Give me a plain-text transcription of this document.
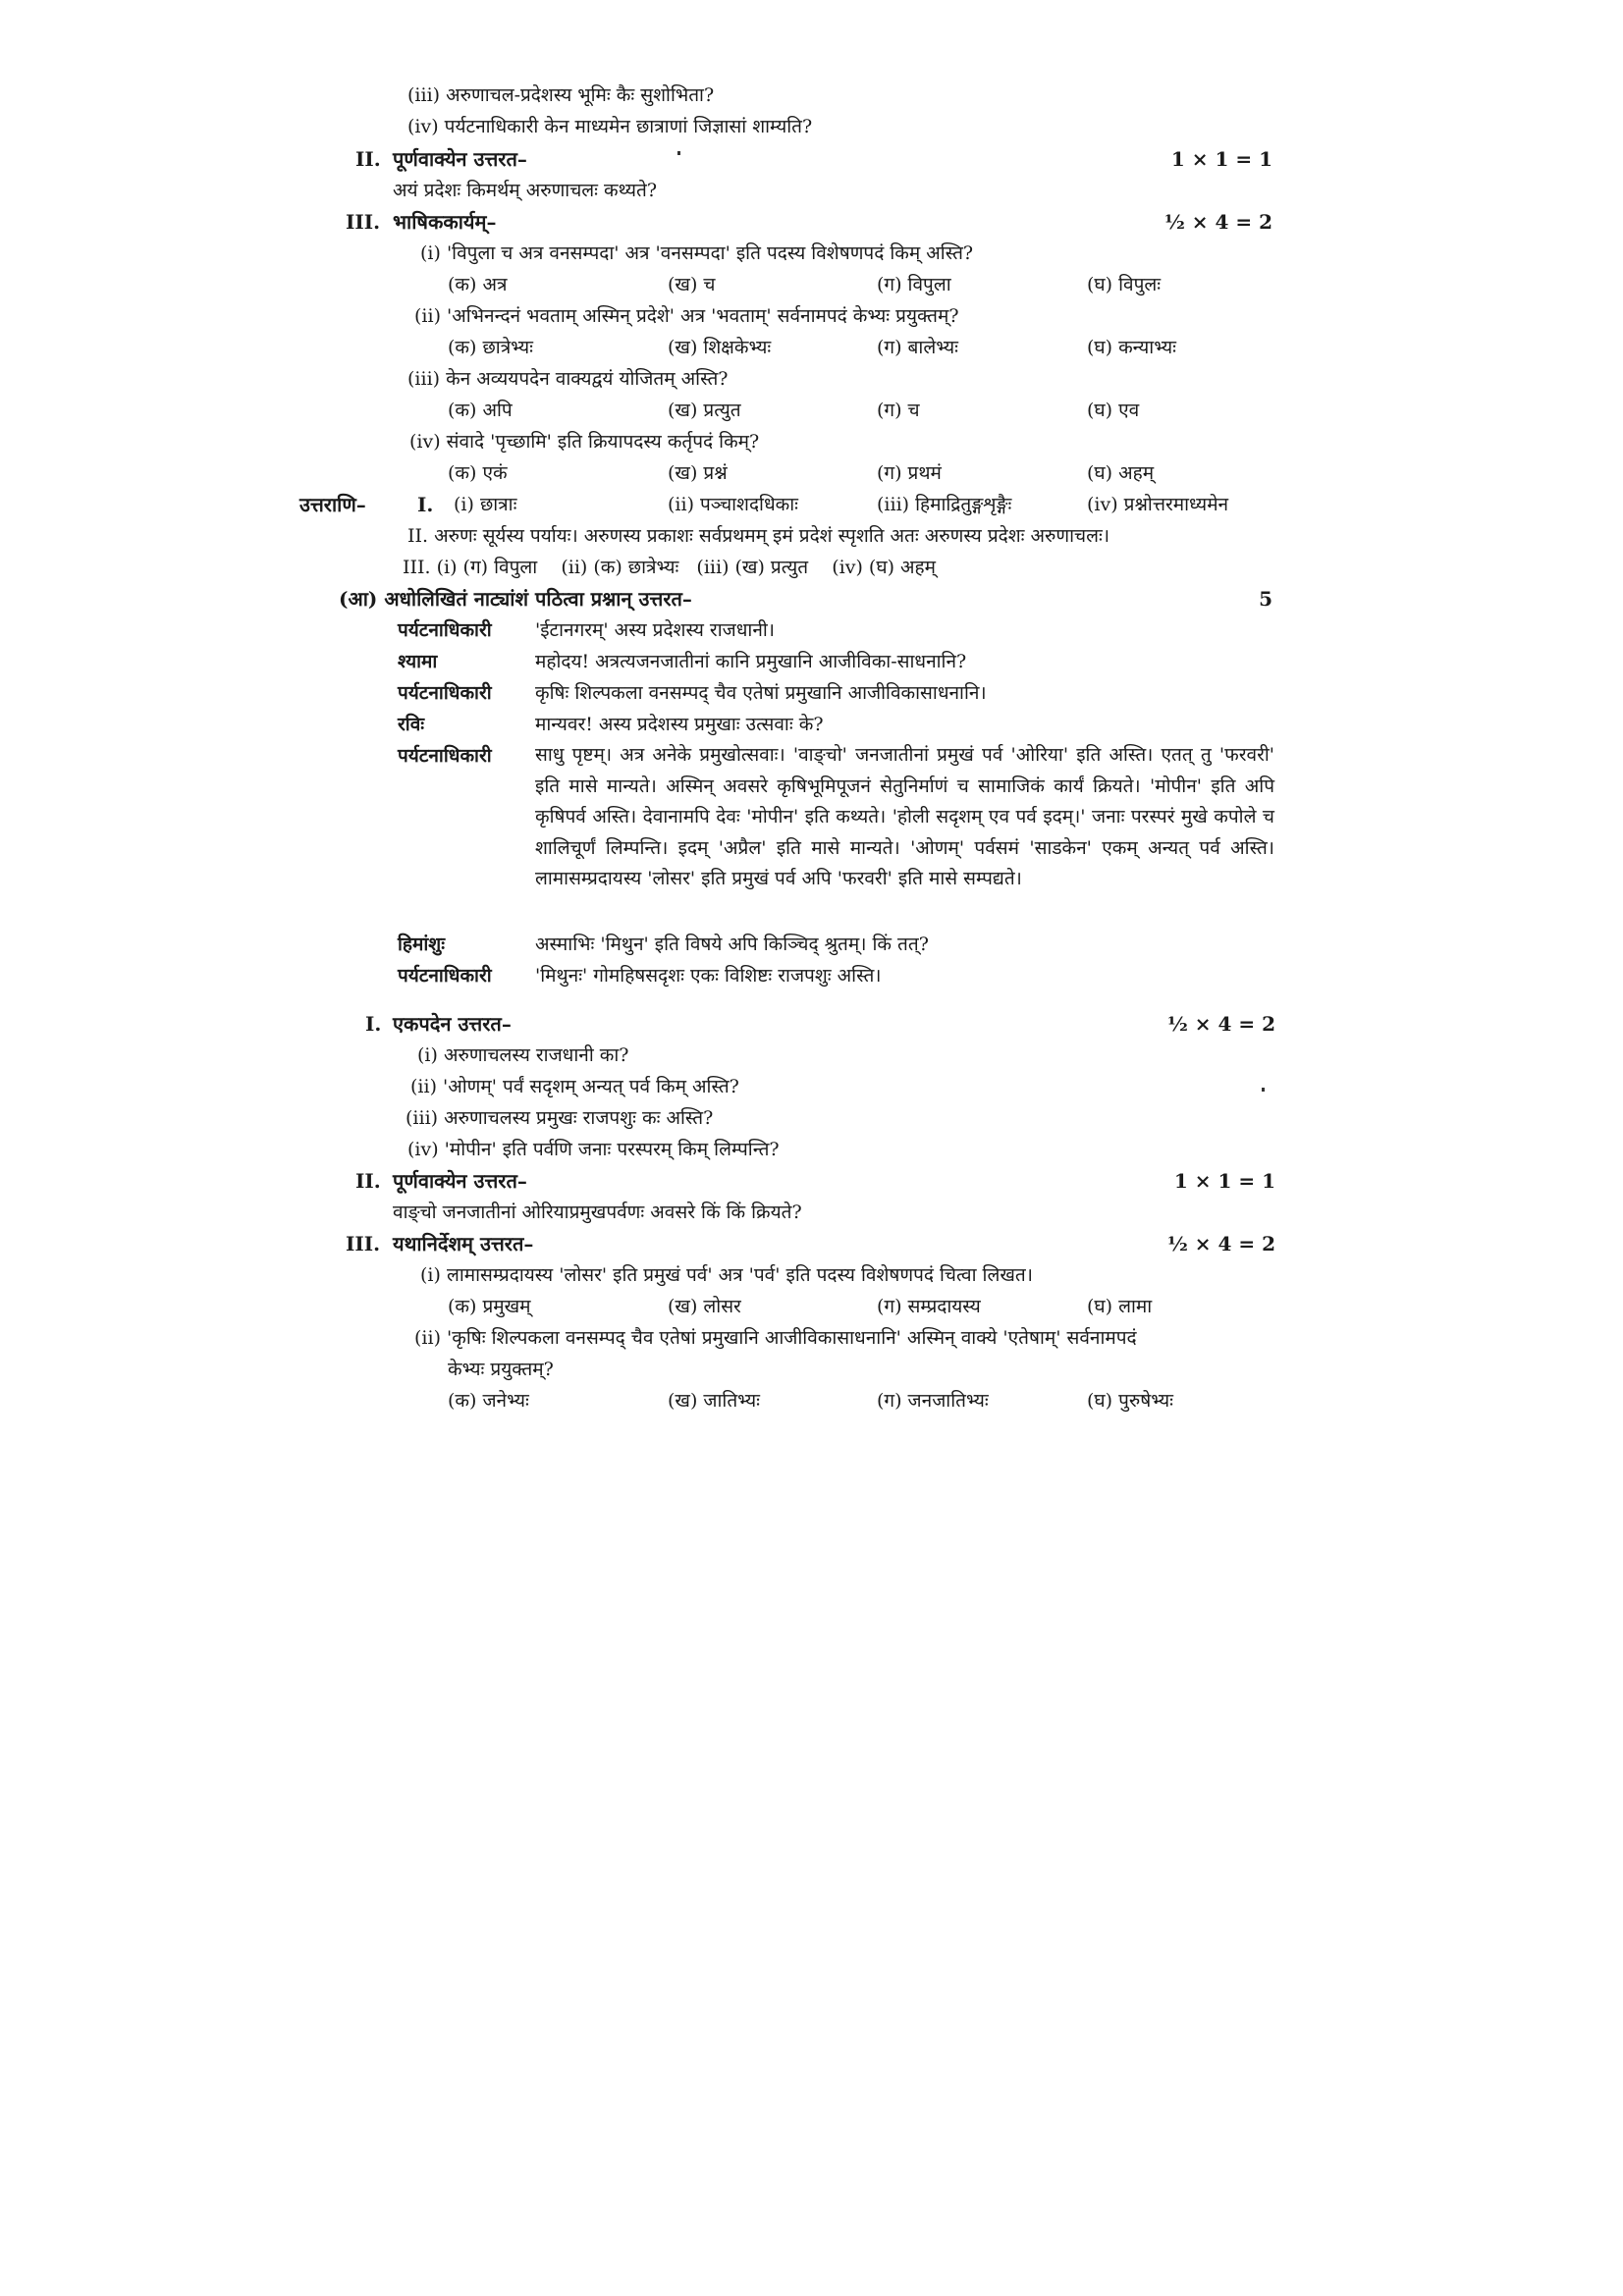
(iii) अरुणाचल-प्रदेशस्य भूमिः कैः सुशोभिता?
(iv) पर्यटनाधिकारी केन माध्यमेन छात्राणां जिज्ञासां शाम्यति?
II. पूर्णवाक्येन उत्तरत–	1 × 1 = 1
अयं प्रदेशः किमर्थम् अरुणाचलः कथ्यते?
III. भाषिककार्यम्–	½ × 4 = 2
(i) 'विपुला च अत्र वनसम्पदा' अत्र 'वनसम्पदा' इति पदस्य विशेषणपदं किम् अस्ति?
(क) अत्र	(ख) च	(ग) विपुला	(घ) विपुलः
(ii) 'अभिनन्दनं भवताम् अस्मिन् प्रदेशे' अत्र 'भवताम्' सर्वनामपदं केभ्यः प्रयुक्तम्?
(क) छात्रेभ्यः	(ख) शिक्षकेभ्यः	(ग) बालेभ्यः	(घ) कन्याभ्यः
(iii) केन अव्ययपदेन वाक्यद्वयं योजितम् अस्ति?
(क) अपि	(ख) प्रत्युत	(ग) च	(घ) एव
(iv) संवादे 'पृच्छामि' इति क्रियापदस्य कर्तृपदं किम्?
(क) एकं	(ख) प्रश्नं	(ग) प्रथमं	(घ) अहम्
उत्तराणि–	I. (i) छात्राः	(ii) पञ्चाशदधिकाः	(iii) हिमाद्रितुङ्गशृङ्गैः	(iv) प्रश्नोत्तरमाध्यमेन
II. अरुणः सूर्यस्य पर्यायः। अरुणस्य प्रकाशः सर्वप्रथमम् इमं प्रदेशं स्पृशति अतः अरुणस्य प्रदेशः अरुणाचलः।
III. (i) (ग) विपुला    (ii) (क) छात्रेभ्यः   (iii) (ख) प्रत्युत    (iv) (घ) अहम्
(आ) अधोलिखितं नाट्यांशं पठित्वा प्रश्नान् उत्तरत–	5
पर्यटनाधिकारी 'ईटानगरम्' अस्य प्रदेशस्य राजधानी।
श्यामा	महोदय! अत्रत्यजनजातीनां कानि प्रमुखानि आजीविका-साधनानि?
पर्यटनाधिकारी कृषिः शिल्पकला वनसम्पद् चैव एतेषां प्रमुखानि आजीविकासाधनानि।
रविः	मान्यवर! अस्य प्रदेशस्य प्रमुखाः उत्सवाः के?
पर्यटनाधिकारी साधु पृष्टम्। अत्र अनेके प्रमुखोत्सवाः। 'वाङ्चो' जनजातीनां प्रमुखं पर्व 'ओरिया' इति अस्ति। एतत् तु 'फरवरी' इति मासे मान्यते। अस्मिन् अवसरे कृषिभूमिपूजनं सेतुनिर्माणं च सामाजिकं कार्यं क्रियते। 'मोपीन' इति अपि कृषिपर्व अस्ति। देवानामपि देवः 'मोपीन' इति कथ्यते। 'होली सदृशम् एव पर्व इदम्।' जनाः परस्परं मुखे कपोले च शालिचूर्णं लिम्पन्ति। इदम् 'अप्रैल' इति मासे मान्यते। 'ओणम्' पर्वसमं 'साडकेन' एकम् अन्यत् पर्व अस्ति। लामासम्प्रदायस्य 'लोसर' इति प्रमुखं पर्व अपि 'फरवरी' इति मासे सम्पद्यते।
हिमांशुः	अस्माभिः 'मिथुन' इति विषये अपि किञ्चिद् श्रुतम्। किं तत्?
पर्यटनाधिकारी 'मिथुनः' गोमहिषसदृशः एकः विशिष्टः राजपशुः अस्ति।
I. एकपदेन उत्तरत–	½ × 4 = 2
(i) अरुणाचलस्य राजधानी का?
(ii) 'ओणम्' पर्वं सदृशम् अन्यत् पर्व किम् अस्ति?
(iii) अरुणाचलस्य प्रमुखः राजपशुः कः अस्ति?
(iv) 'मोपीन' इति पर्वणि जनाः परस्परम् किम् लिम्पन्ति?
II. पूर्णवाक्येन उत्तरत–	1 × 1 = 1
वाङ्चो जनजातीनां ओरियाप्रमुखपर्वणः अवसरे किं किं क्रियते?
III. यथानिर्देशम् उत्तरत–	½ × 4 = 2
(i) लामासम्प्रदायस्य 'लोसर' इति प्रमुखं पर्व' अत्र 'पर्व' इति पदस्य विशेषणपदं चित्वा लिखत।
(क) प्रमुखम्	(ख) लोसर	(ग) सम्प्रदायस्य	(घ) लामा
(ii) 'कृषिः शिल्पकला वनसम्पद् चैव एतेषां प्रमुखानि आजीविकासाधनानि' अस्मिन् वाक्ये 'एतेषाम्' सर्वनामपदं
केभ्यः प्रयुक्तम्?
(क) जनेभ्यः	(ख) जातिभ्यः	(ग) जनजातिभ्यः	(घ) पुरुषेभ्यः
